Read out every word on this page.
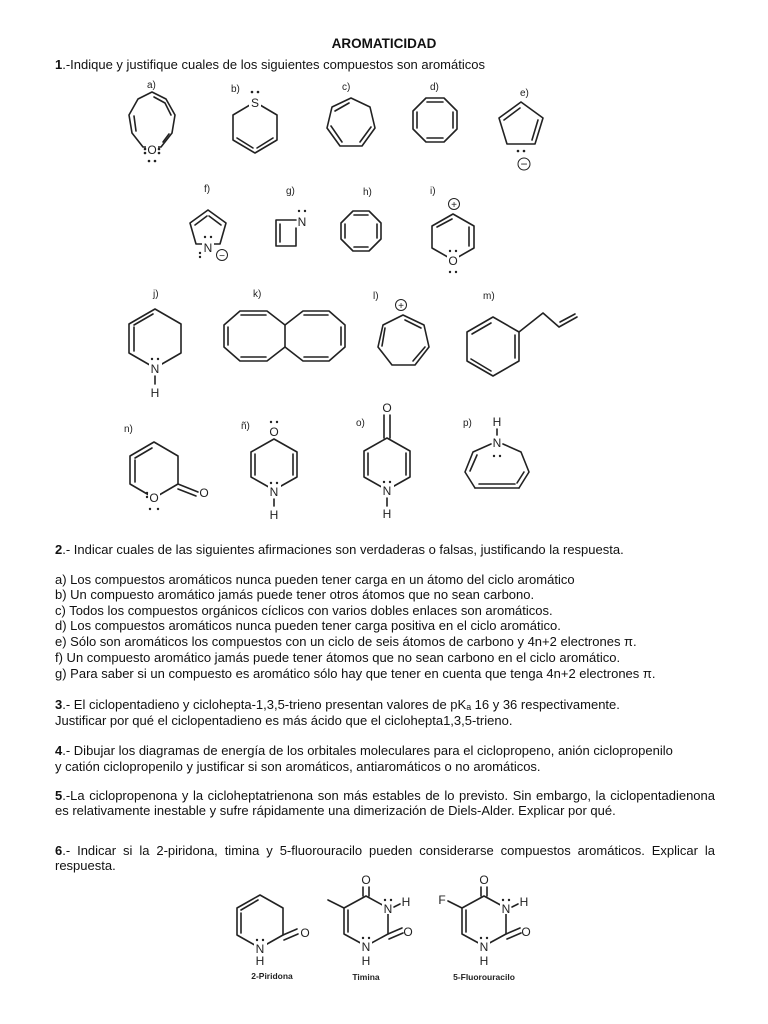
AROMATICIDAD
1.-Indique y justifique cuales de los siguientes compuestos son aromáticos
a)
O
b)
S
c)	d)
e)
−
f)
N
−
g)
N
h)	i)
+
O
j)
N
H
k)	l)
+
m)
n)
O
O
ñ) O
N
H
o)
O
N
H
p) H
N
2.- Indicar cuales de las siguientes afirmaciones son verdaderas o falsas, justificando la respuesta.
a) Los compuestos aromáticos nunca pueden tener carga en un átomo del ciclo aromático
b) Un compuesto aromático jamás puede tener otros átomos que no sean carbono.
c) Todos los compuestos orgánicos cíclicos con varios dobles enlaces son aromáticos.
d) Los compuestos aromáticos nunca pueden tener carga positiva en el ciclo aromático.
e) Sólo son aromáticos los compuestos con un ciclo de seis átomos de carbono y 4n+2 electrones π.
f) Un compuesto aromático jamás puede tener átomos que no sean carbono en el ciclo aromático.
g) Para saber si un compuesto es aromático sólo hay que tener en cuenta que tenga 4n+2 electrones π.
3.- El ciclopentadieno y ciclohepta-1,3,5-trieno presentan valores de pKₐ 16 y 36 respectivamente.
Justificar por qué el ciclopentadieno es más ácido que el ciclohepta1,3,5-trieno.
4.- Dibujar los diagramas de energía de los orbitales moleculares para el ciclopropeno, anión ciclopropenilo
y catión ciclopropenilo y justificar si son aromáticos, antiaromáticos o no aromáticos.
5.-La ciclopropenona y la cicloheptatrienona son más estables de lo previsto. Sin embargo, la ciclopentadienona es relativamente inestable y sufre rápidamente una dimerización de Diels-Alder. Explicar por qué.
6.- Indicar si la 2-piridona, timina y 5-fluorouracilo pueden considerarse compuestos aromáticos. Explicar la respuesta.
O
N
H
2-Piridona
O
O
N H
N
H
Timina
O
F
O
N H
N
H
5-Fluorouracilo
